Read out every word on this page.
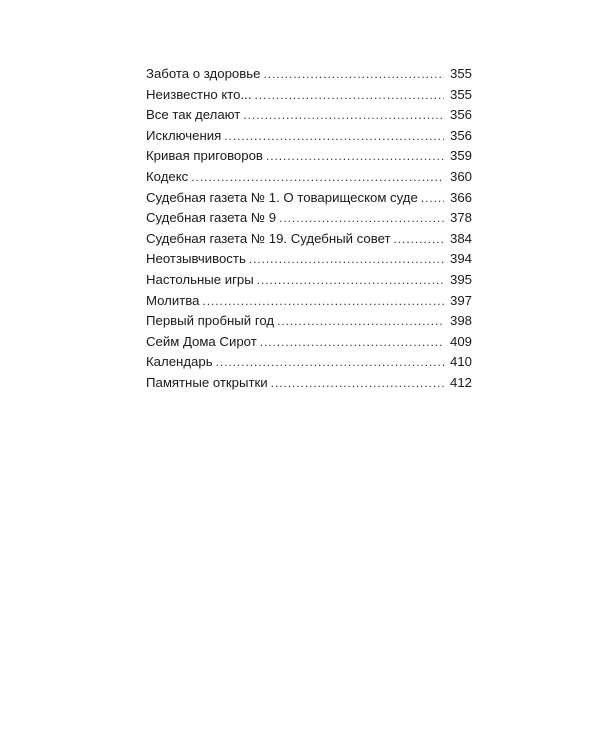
Забота о здоровье . . .	355
Неизвестно кто... . . .	355
Все так делают . . .	356
Исключения . . .	356
Кривая приговоров . . .	359
Кодекс . . .	360
Судебная газета № 1. О товарищеском суде . . .	366
Судебная газета № 9 . . .	378
Судебная газета № 19. Судебный совет . . .	384
Неотзывчивость . . .	394
Настольные игры . . .	395
Молитва . . .	397
Первый пробный год . . .	398
Сейм Дома Сирот . . .	409
Календарь . . .	410
Памятные открытки . . .	412
